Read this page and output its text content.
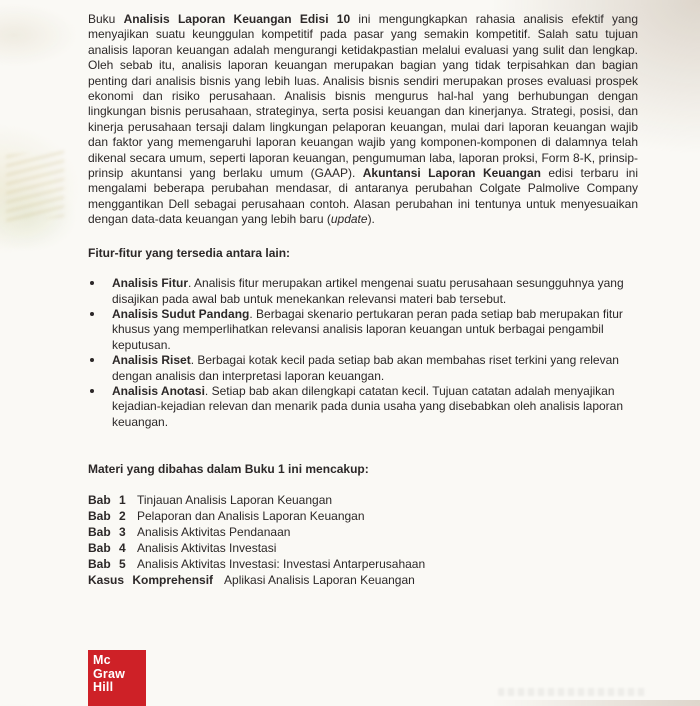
Buku Analisis Laporan Keuangan Edisi 10 ini mengungkapkan rahasia analisis efektif yang menyajikan suatu keunggulan kompetitif pada pasar yang semakin kompetitif. Salah satu tujuan analisis laporan keuangan adalah mengurangi ketidakpastian melalui evaluasi yang sulit dan lengkap. Oleh sebab itu, analisis laporan keuangan merupakan bagian yang tidak terpisahkan dan bagian penting dari analisis bisnis yang lebih luas. Analisis bisnis sendiri merupakan proses evaluasi prospek ekonomi dan risiko perusahaan. Analisis bisnis mengurus hal-hal yang berhubungan dengan lingkungan bisnis perusahaan, strateginya, serta posisi keuangan dan kinerjanya. Strategi, posisi, dan kinerja perusahaan tersaji dalam lingkungan pelaporan keuangan, mulai dari laporan keuangan wajib dan faktor yang memengaruhi laporan keuangan wajib yang komponen-komponen di dalamnya telah dikenal secara umum, seperti laporan keuangan, pengumuman laba, laporan proksi, Form 8-K, prinsip-prinsip akuntansi yang berlaku umum (GAAP). Akuntansi Laporan Keuangan edisi terbaru ini mengalami beberapa perubahan mendasar, di antaranya perubahan Colgate Palmolive Company menggantikan Dell sebagai perusahaan contoh. Alasan perubahan ini tentunya untuk menyesuaikan dengan data-data keuangan yang lebih baru (update).

Fitur-fitur yang tersedia antara lain:
Analisis Fitur. Analisis fitur merupakan artikel mengenai suatu perusahaan sesungguhnya yang disajikan pada awal bab untuk menekankan relevansi materi bab tersebut.
Analisis Sudut Pandang. Berbagai skenario pertukaran peran pada setiap bab merupakan fitur khusus yang memperlihatkan relevansi analisis laporan keuangan untuk berbagai pengambil keputusan.
Analisis Riset. Berbagai kotak kecil pada setiap bab akan membahas riset terkini yang relevan dengan analisis dan interpretasi laporan keuangan.
Analisis Anotasi. Setiap bab akan dilengkapi catatan kecil. Tujuan catatan adalah menyajikan kejadian-kejadian relevan dan menarik pada dunia usaha yang disebabkan oleh analisis laporan keuangan.
Materi yang dibahas dalam Buku 1 ini mencakup:
Bab 1 Tinjauan Analisis Laporan Keuangan
Bab 2 Pelaporan dan Analisis Laporan Keuangan
Bab 3 Analisis Aktivitas Pendanaan
Bab 4 Analisis Aktivitas Investasi
Bab 5 Analisis Aktivitas Investasi: Investasi Antarperusahaan
Kasus Komprehensif Aplikasi Analisis Laporan Keuangan
Mc
Graw
Hill
